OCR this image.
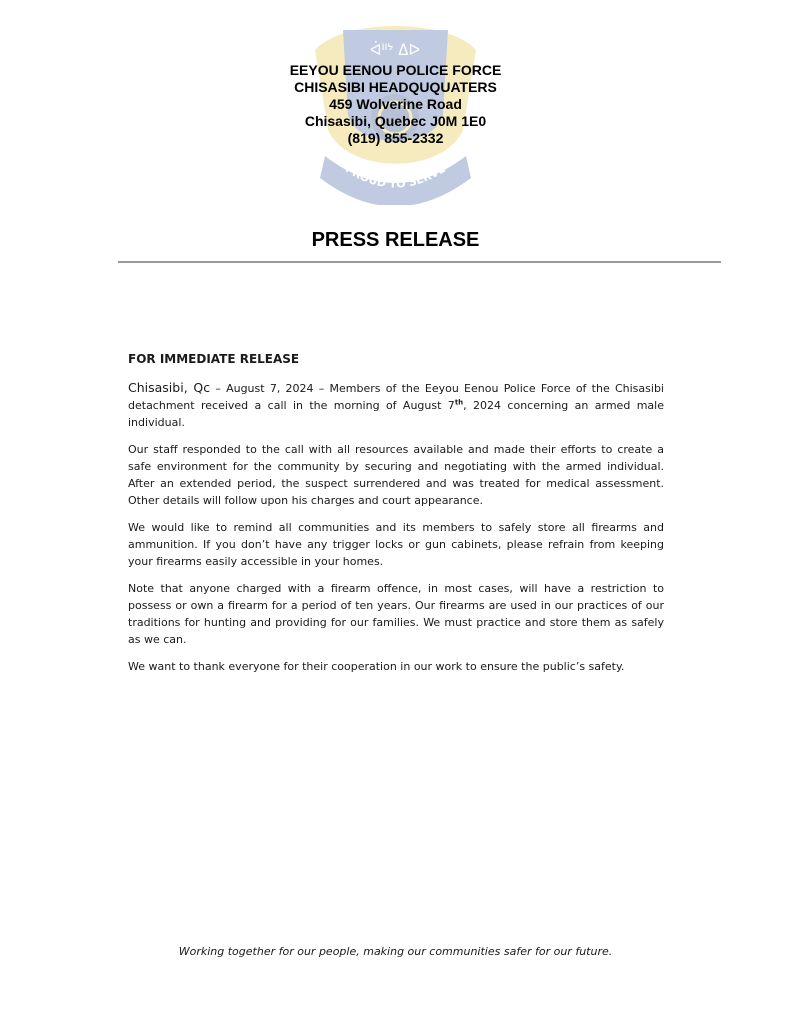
ᐋᐦᔾ ᐃᐅ
PROUD TO SERVE
EEYOU EENOU POLICE FORCE
CHISASIBI HEADQUQUATERS
459 Wolverine Road
Chisasibi, Quebec J0M 1E0
(819) 855-2332
PRESS RELEASE
FOR IMMEDIATE RELEASE

Chisasibi, Qc – August 7, 2024 – Members of the Eeyou Eenou Police Force of the Chisasibi detachment received a call in the morning of August 7th, 2024 concerning an armed male individual.

Our staff responded to the call with all resources available and made their efforts to create a safe environment for the community by securing and negotiating with the armed individual. After an extended period, the suspect surrendered and was treated for medical assessment. Other details will follow upon his charges and court appearance.

We would like to remind all communities and its members to safely store all firearms and ammunition. If you don’t have any trigger locks or gun cabinets, please refrain from keeping your firearms easily accessible in your homes.

Note that anyone charged with a firearm offence, in most cases, will have a restriction to possess or own a firearm for a period of ten years. Our firearms are used in our practices of our traditions for hunting and providing for our families. We must practice and store them as safely as we can.

We want to thank everyone for their cooperation in our work to ensure the public’s safety.

Working together for our people, making our communities safer for our future.
